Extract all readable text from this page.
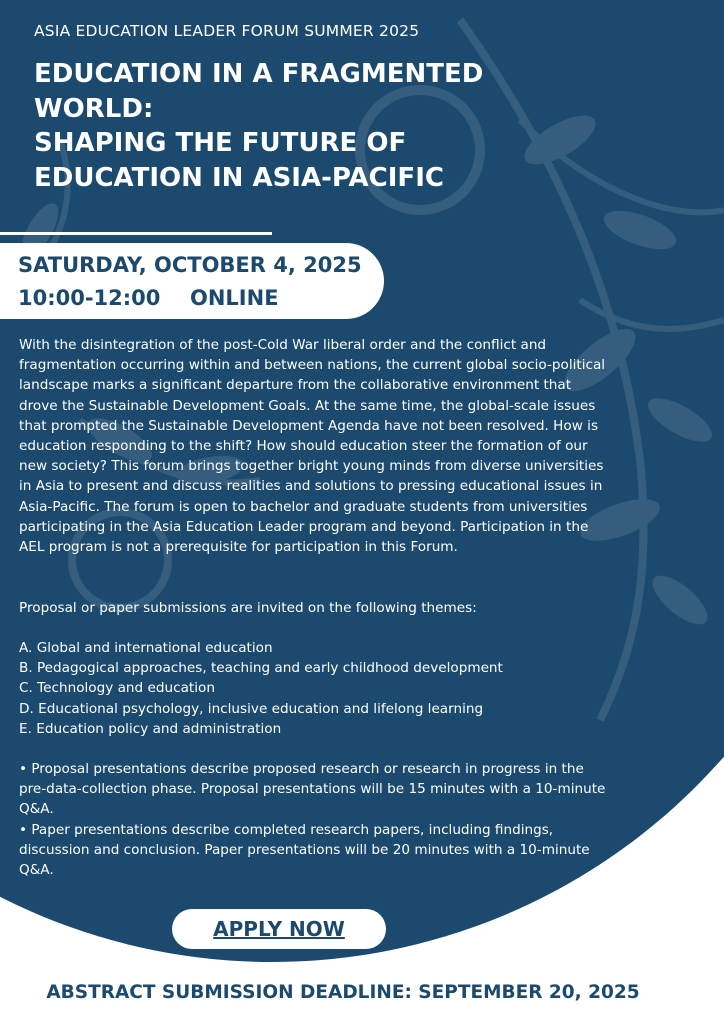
ASIA EDUCATION LEADER FORUM SUMMER 2025

EDUCATION IN A FRAGMENTED
WORLD:
SHAPING THE FUTURE OF
EDUCATION IN ASIA-PACIFIC

SATURDAY, OCTOBER 4, 2025

10:00-12:00 ONLINE

With the disintegration of the post-Cold War liberal order and the conflict and fragmentation occurring within and between nations, the current global socio-political landscape marks a significant departure from the collaborative environment that drove the Sustainable Development Goals. At the same time, the global-scale issues that prompted the Sustainable Development Agenda have not been resolved. How is education responding to the shift? How should education steer the formation of our new society? This forum brings together bright young minds from diverse universities in Asia to present and discuss realities and solutions to pressing educational issues in Asia-Pacific. The forum is open to bachelor and graduate students from universities participating in the Asia Education Leader program and beyond. Participation in the AEL program is not a prerequisite for participation in this Forum.

Proposal or paper submissions are invited on the following themes:

A. Global and international education
B. Pedagogical approaches, teaching and early childhood development
C. Technology and education
D. Educational psychology, inclusive education and lifelong learning
E. Education policy and administration
• Proposal presentations describe proposed research or research in progress in the pre-data-collection phase. Proposal presentations will be 15 minutes with a 10-minute Q&A.
• Paper presentations describe completed research papers, including findings, discussion and conclusion. Paper presentations will be 20 minutes with a 10-minute Q&A.
APPLY NOW

ABSTRACT SUBMISSION DEADLINE: SEPTEMBER 20, 2025
